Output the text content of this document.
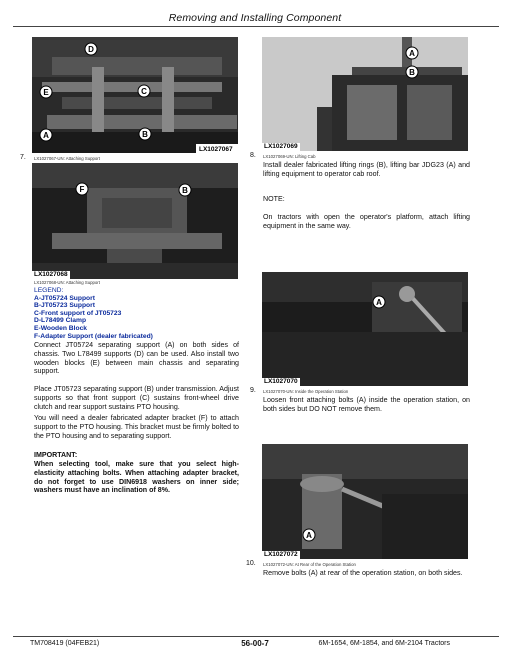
Removing and Installing Component
D
E	C
A	B
LX1027067
7. LX1027067-UN: Attaching Support
F	B
LX1027068
LX1027068-UN: Attaching Support
LEGEND:
A-JT05724 Support
B-JT05723 Support
C-Front support of JT05723
D-L78499 Clamp
E-Wooden Block
F-Adapter Support (dealer fabricated)
Connect JT05724 separating support (A) on both sides of chassis. Two L78499 supports (D) can be used. Also install two wooden blocks (E) between main chassis and separating support.
Place JT05723 separating support (B) under transmission. Adjust supports so that front support (C) sustains front-wheel drive clutch and rear support sustains PTO housing.
You will need a dealer fabricated adapter bracket (F) to attach support to the PTO housing. This bracket must be firmly bolted to the PTO housing and to separating support.
IMPORTANT:
When selecting tool, make sure that you select high-elasticity attaching bolts. When attaching adapter bracket, do not forget to use DIN6918 washers on inner side; washers must have an inclination of 8%.
A
B
LX1027069
8. LX1027069-UN: Lifting Cab
Install dealer fabricated lifting rings (B), lifting bar JDG23 (A) and lifting equipment to operator cab roof.
NOTE:
On tractors with open the operator's platform, attach lifting equipment in the same way.
A
LX1027070
9. LX1027070-UN: Inside the Operation Station
Loosen front attaching bolts (A) inside the operation station, on both sides but DO NOT remove them.
A
LX1027072
10. LX1027072-UN: At Rear of the Operation Station
Remove bolts (A) at rear of the operation station, on both sides.
TM708419 (04FEB21)	56-00-7	6M-1654, 6M-1854, and 6M-2104 Tractors
